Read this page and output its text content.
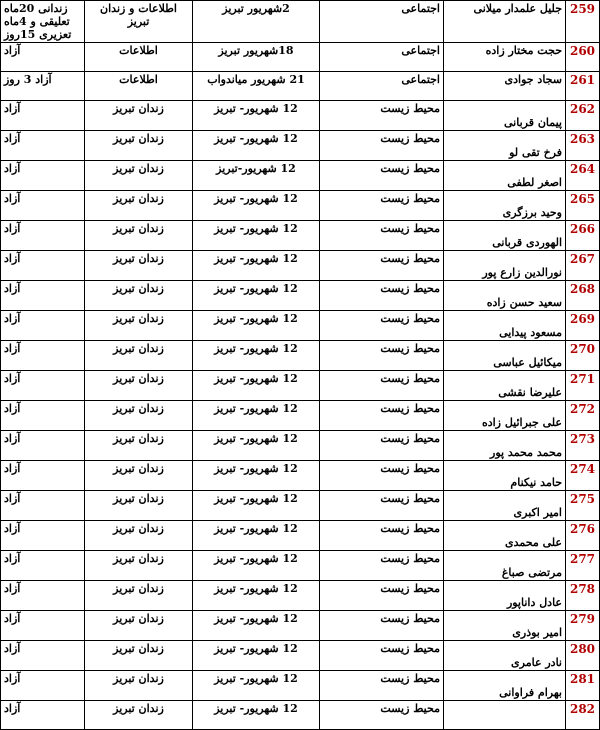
259	جلیل علمدار میلانی	اجتماعی	2شهریور تبریز	اطلاعات و زندان تبریز	زندانی 20ماه تعلیقی و 4ماه تعزیری 15روز
260	حجت مختار زاده	اجتماعی	18شهریور تبریز	اطلاعات	آزاد
261	سجاد جوادی	اجتماعی	21 شهریور میاندواب	اطلاعات	آزاد 3 روز
262	پیمان قربانی	محیط زیست	12 شهریور- تبریز	زندان تبریز	آزاد
263	فرخ تقی لو	محیط زیست	12 شهریور- تبریز	زندان تبریز	آزاد
264	اصغر لطفی	محیط زیست	12 شهریور-تبریز	زندان تبریز	آزاد
265	وحید برزگری	محیط زیست	12 شهریور- تبریز	زندان تبریز	آزاد
266	الهوردی قربانی	محیط زیست	12 شهریور- تبریز	زندان تبریز	آزاد
267	نورالدین زارع پور	محیط زیست	12 شهریور- تبریز	زندان تبریز	آزاد
268	سعید حسن زاده	محیط زیست	12 شهریور- تبریز	زندان تبریز	آزاد
269	مسعود پیدایی	محیط زیست	12 شهریور- تبریز	زندان تبریز	آزاد
270	میکائیل عباسی	محیط زیست	12 شهریور- تبریز	زندان تبریز	آزاد
271	علیرضا نقشی	محیط زیست	12 شهریور- تبریز	زندان تبریز	آزاد
272	علی جبرائیل زاده	محیط زیست	12 شهریور- تبریز	زندان تبریز	آزاد
273	محمد محمد پور	محیط زیست	12 شهریور- تبریز	زندان تبریز	آزاد
274	حامد نیکنام	محیط زیست	12 شهریور- تبریز	زندان تبریز	آزاد
275	امیر اکبری	محیط زیست	12 شهریور- تبریز	زندان تبریز	آزاد
276	علی محمدی	محیط زیست	12 شهریور- تبریز	زندان تبریز	آزاد
277	مرتضی صباغ	محیط زیست	12 شهریور- تبریز	زندان تبریز	آزاد
278	عادل داناپور	محیط زیست	12 شهریور- تبریز	زندان تبریز	آزاد
279	امیر بوذری	محیط زیست	12 شهریور- تبریز	زندان تبریز	آزاد
280	نادر عامری	محیط زیست	12 شهریور- تبریز	زندان تبریز	آزاد
281	بهرام فراوانی	محیط زیست	12 شهریور- تبریز	زندان تبریز	آزاد
282		محیط زیست	12 شهریور- تبریز	زندان تبریز	آزاد
